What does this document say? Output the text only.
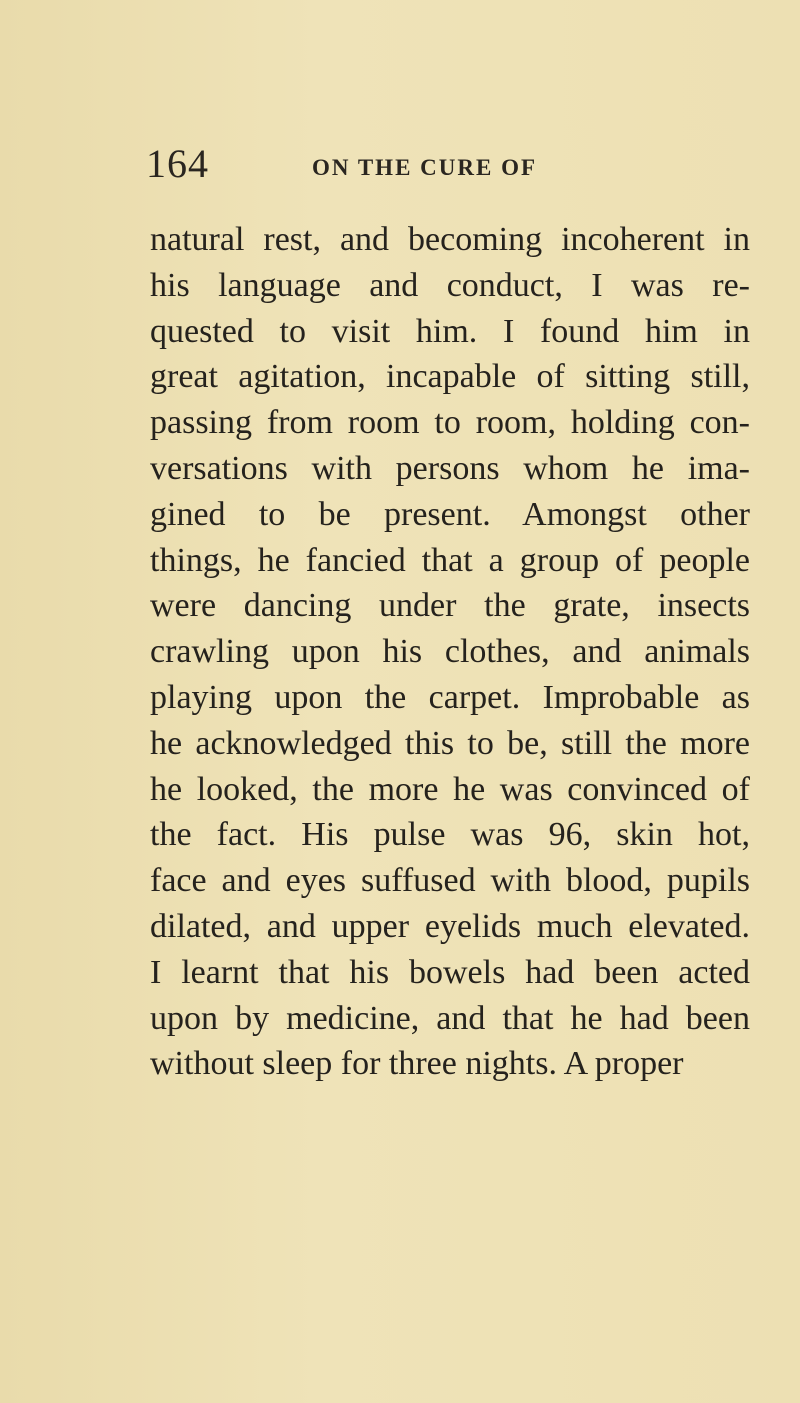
164	ON THE CURE OF
natural rest, and becoming incoherent in
his language and conduct, I was re-
quested to visit him. I found him in
great agitation, incapable of sitting still,
passing from room to room, holding con-
versations with persons whom he ima-
gined to be present. Amongst other
things, he fancied that a group of people
were dancing under the grate, insects
crawling upon his clothes, and animals
playing upon the carpet. Improbable as
he acknowledged this to be, still the more
he looked, the more he was convinced of
the fact. His pulse was 96, skin hot,
face and eyes suffused with blood, pupils
dilated, and upper eyelids much elevated.
I learnt that his bowels had been acted
upon by medicine, and that he had been
without sleep for three nights. A proper
